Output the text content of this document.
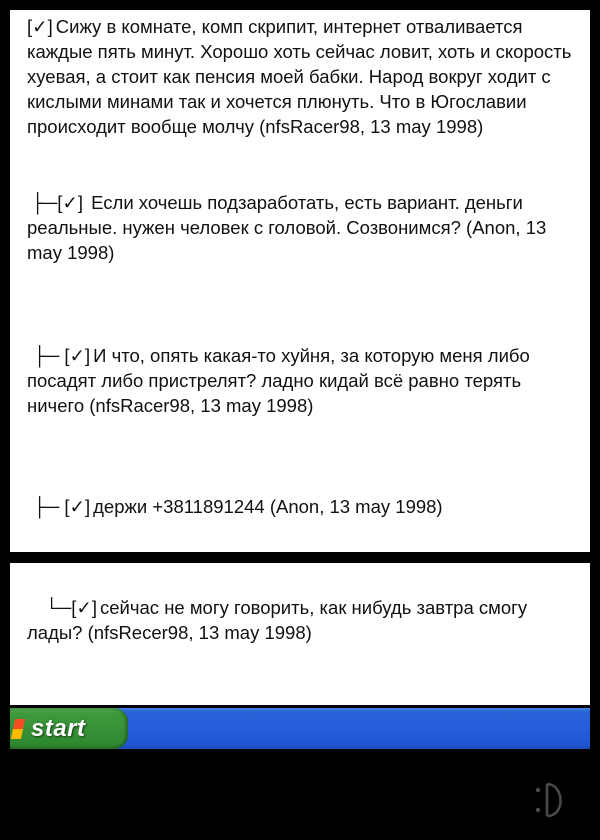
[✓] Сижу в комнате, комп скрипит, интернет отваливается каждые пять минут. Хорошо хоть сейчас ловит, хоть и скорость хуевая, а стоит как пенсия моей бабки. Народ вокруг ходит с кислыми минами так и хочется плюнуть. Что в Югославии происходит вообще молчу (nfsRacer98, 13 may 1998)
├─[✓] Если хочешь подзаработать, есть вариант. деньги реальные. нужен человек с головой. Созвонимся? (Anon, 13 may 1998)
├─ [✓] И что, опять какая-то хуйня, за которую меня либо посадят либо пристрелят? ладно кидай всё равно терять ничего (nfsRacer98, 13 may 1998)
├─ [✓] держи +3811891244 (Anon, 13 may 1998)
└─[✓] сейчас не могу говорить, как нибудь завтра смогу лады? (nfsRecer98, 13 may 1998)
start
:D
